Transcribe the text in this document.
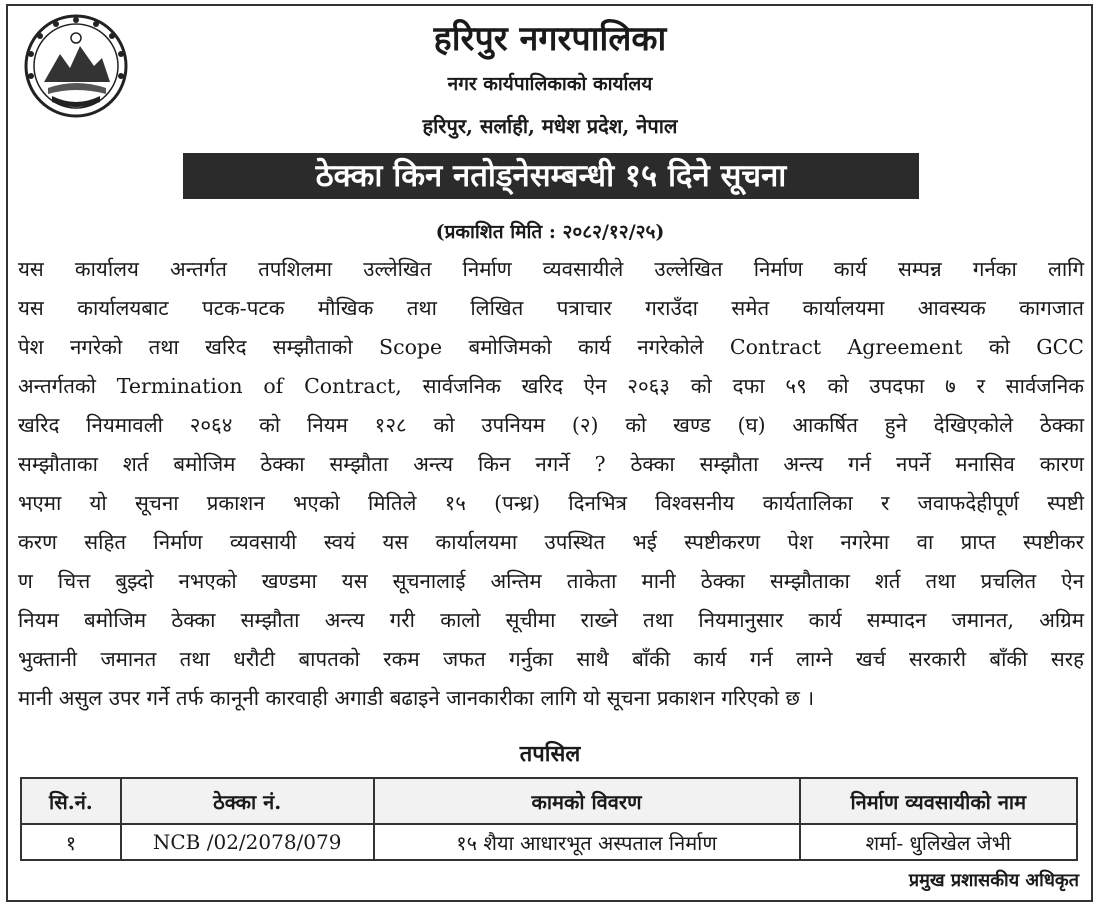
हरिपुर नगरपालिका
नगर कार्यपालिकाको कार्यालय
हरिपुर, सर्लाही, मधेश प्रदेश, नेपाल
ठेक्का किन नतोड्नेसम्बन्धी १५ दिने सूचना
(प्रकाशित मिति : २०८२/१२/२५)
यस कार्यालय अन्तर्गत तपशिलमा उल्लेखित निर्माण व्यवसायीले उल्लेखित निर्माण कार्य सम्पन्न गर्नका लागि
यस कार्यालयबाट पटक-पटक मौखिक तथा लिखित पत्राचार गराउँदा समेत कार्यालयमा आवस्यक कागजात
पेश नगरेको तथा खरिद सम्झौताको Scope बमोजिमको कार्य नगरेकोले Contract Agreement को GCC
अन्तर्गतको Termination of Contract, सार्वजनिक खरिद ऐन २०६३ को दफा ५९ को उपदफा ७ र सार्वजनिक
खरिद नियमावली २०६४ को नियम १२८ को उपनियम (२) को खण्ड (घ) आकर्षित हुने देखिएकोले ठेक्का
सम्झौताका शर्त बमोजिम ठेक्का सम्झौता अन्त्य किन नगर्ने ? ठेक्का सम्झौता अन्त्य गर्न नपर्ने मनासिव कारण
भएमा यो सूचना प्रकाशन भएको मितिले १५ (पन्ध्र) दिनभित्र विश्वसनीय कार्यतालिका र जवाफदेहीपूर्ण स्पष्टी
करण सहित निर्माण व्यवसायी स्वयं यस कार्यालयमा उपस्थित भई स्पष्टीकरण पेश नगरेमा वा प्राप्त स्पष्टीकर
ण चित्त बुझ्दो नभएको खण्डमा यस सूचनालाई अन्तिम ताकेता मानी ठेक्का सम्झौताका शर्त तथा प्रचलित ऐन
नियम बमोजिम ठेक्का सम्झौता अन्त्य गरी कालो सूचीमा राख्ने तथा नियमानुसार कार्य सम्पादन जमानत, अग्रिम
भुक्तानी जमानत तथा धरौटी बापतको रकम जफत गर्नुका साथै बाँकी कार्य गर्न लाग्ने खर्च सरकारी बाँकी सरह
मानी असुल उपर गर्ने तर्फ कानूनी कारवाही अगाडी बढाइने जानकारीका लागि यो सूचना प्रकाशन गरिएको छ ।
तपसिल
सि.नं.	ठेक्का नं.	कामको विवरण	निर्माण व्यवसायीको नाम
१	NCB /02/2078/079	१५ शैया आधारभूत अस्पताल निर्माण	शर्मा- धुलिखेल जेभी
प्रमुख प्रशासकीय अधिकृत
